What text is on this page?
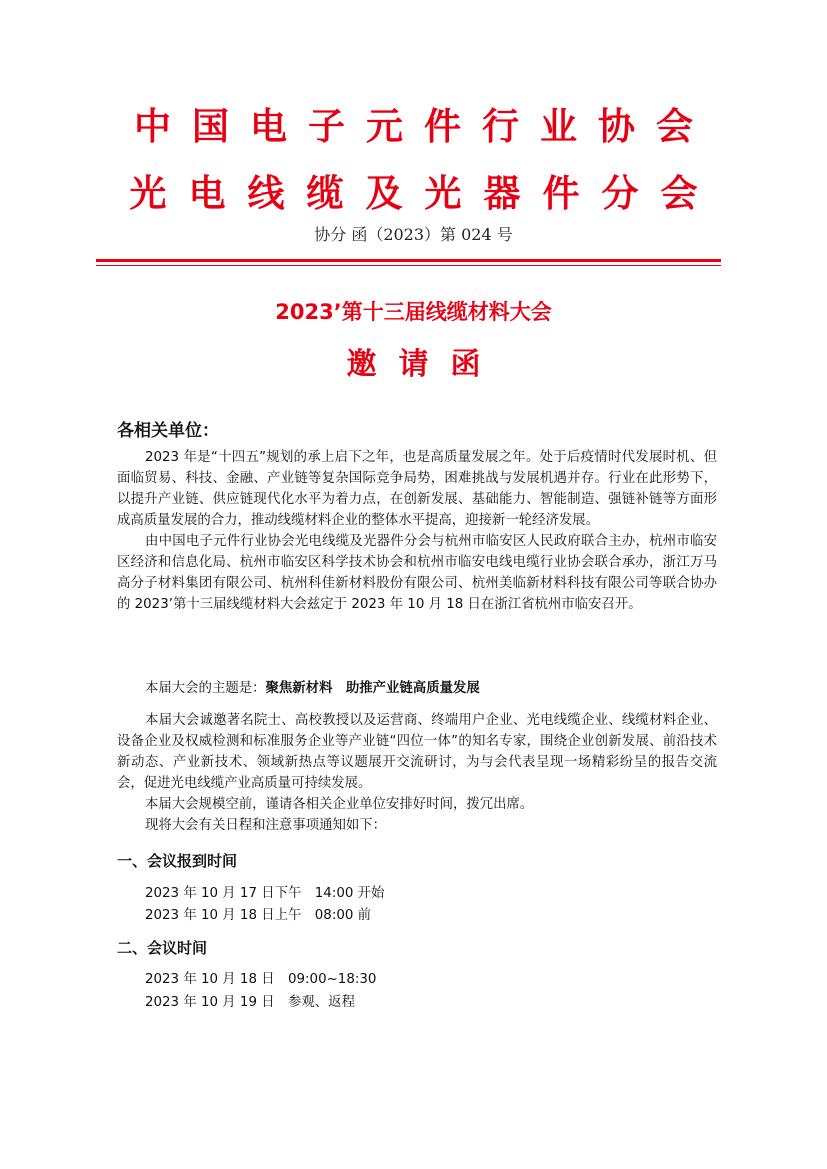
中国电子元件行业协会
光电线缆及光器件分会
协分 函（2023）第 024 号
2023’第十三届线缆材料大会
邀请函
各相关单位：

2023 年是“十四五”规划的承上启下之年，也是高质量发展之年。处于后疫情时代发展时机、但面临贸易、科技、金融、产业链等复杂国际竞争局势，困难挑战与发展机遇并存。行业在此形势下，以提升产业链、供应链现代化水平为着力点，在创新发展、基础能力、智能制造、强链补链等方面形成高质量发展的合力，推动线缆材料企业的整体水平提高，迎接新一轮经济发展。

由中国电子元件行业协会光电线缆及光器件分会与杭州市临安区人民政府联合主办，杭州市临安区经济和信息化局、杭州市临安区科学技术协会和杭州市临安电线电缆行业协会联合承办，浙江万马高分子材料集团有限公司、杭州科佳新材料股份有限公司、杭州美临新材料科技有限公司等联合协办的 2023’第十三届线缆材料大会兹定于 2023 年 10 月 18 日在浙江省杭州市临安召开。

本届大会的主题是：聚焦新材料　助推产业链高质量发展

本届大会诚邀著名院士、高校教授以及运营商、终端用户企业、光电线缆企业、线缆材料企业、设备企业及权威检测和标准服务企业等产业链“四位一体”的知名专家，围绕企业创新发展、前沿技术新动态、产业新技术、领域新热点等议题展开交流研讨，为与会代表呈现一场精彩纷呈的报告交流会，促进光电线缆产业高质量可持续发展。

本届大会规模空前，谨请各相关企业单位安排好时间，拨冗出席。

现将大会有关日程和注意事项通知如下：

一、会议报到时间
2023 年 10 月 17 日下午　14:00 开始
2023 年 10 月 18 日上午　08:00 前
二、会议时间
2023 年 10 月 18 日　09:00~18:30
2023 年 10 月 19 日　参观、返程
